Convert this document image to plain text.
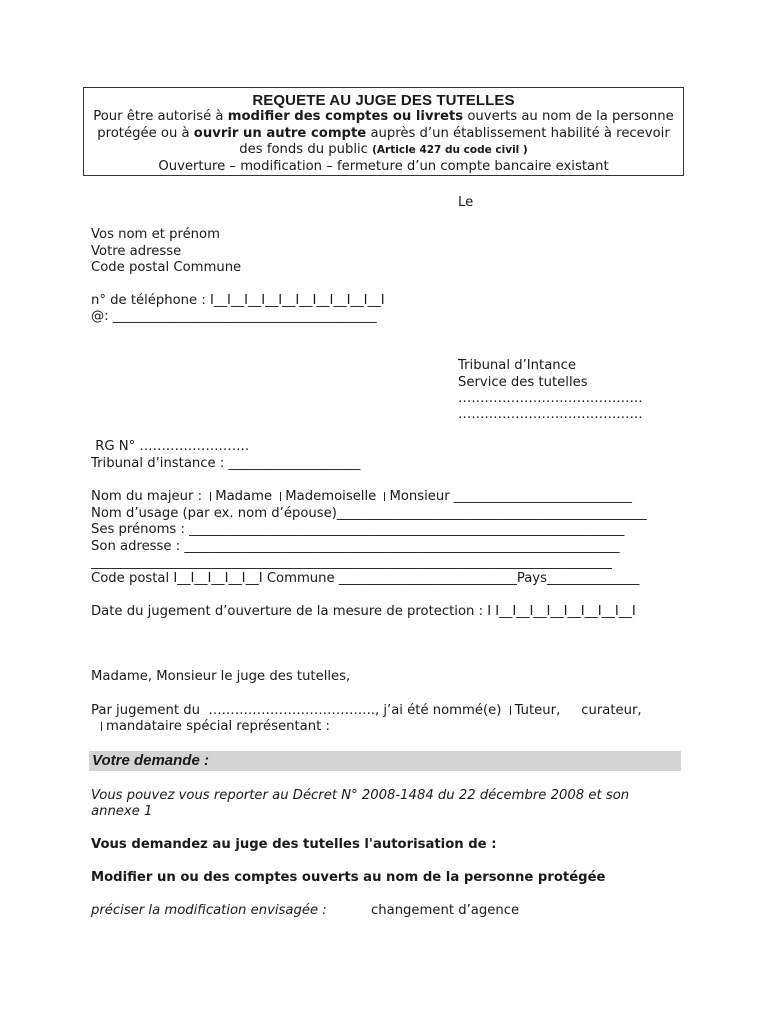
REQUETE AU JUGE DES TUTELLES
Pour être autorisé à modifier des comptes ou livrets ouverts au nom de la personne
protégée ou à ouvrir un autre compte auprès d’un établissement habilité à recevoir
des fonds du public (Article 427 du code civil )
Ouverture – modification – fermeture d’un compte bancaire existant
Le
Vos nom et prénom
Votre adresse
Code postal Commune
n° de téléphone : I__I__I__I__I__I__I__I__I__I__I
@: ________________________________________
Tribunal d’Intance
Service des tutelles
……………………………………
……………………………………
RG N° …………………….
Tribunal d’instance : ____________________
Nom du majeur : Madame Mademoiselle Monsieur ___________________________
Nom d’usage (par ex. nom d’épouse)_______________________________________________
Ses prénoms : __________________________________________________________________
Son adresse : __________________________________________________________________
_______________________________________________________________________________
Code postal I__I__I__I__I__I Commune ___________________________Pays______________
Date du jugement d’ouverture de la mesure de protection : I I__I__I__I__I__I__I__I__I
Madame, Monsieur le juge des tutelles,
Par jugement du  ……………………………….., j’ai été nommé(e) Tuteur,     curateur,
mandataire spécial représentant :
Votre demande :
Vous pouvez vous reporter au Décret N° 2008-1484 du 22 décembre 2008 et son
annexe 1
Vous demandez au juge des tutelles l'autorisation de :
Modifier un ou des comptes ouverts au nom de la personne protégée
préciser la modification envisagée :	changement d’agence
